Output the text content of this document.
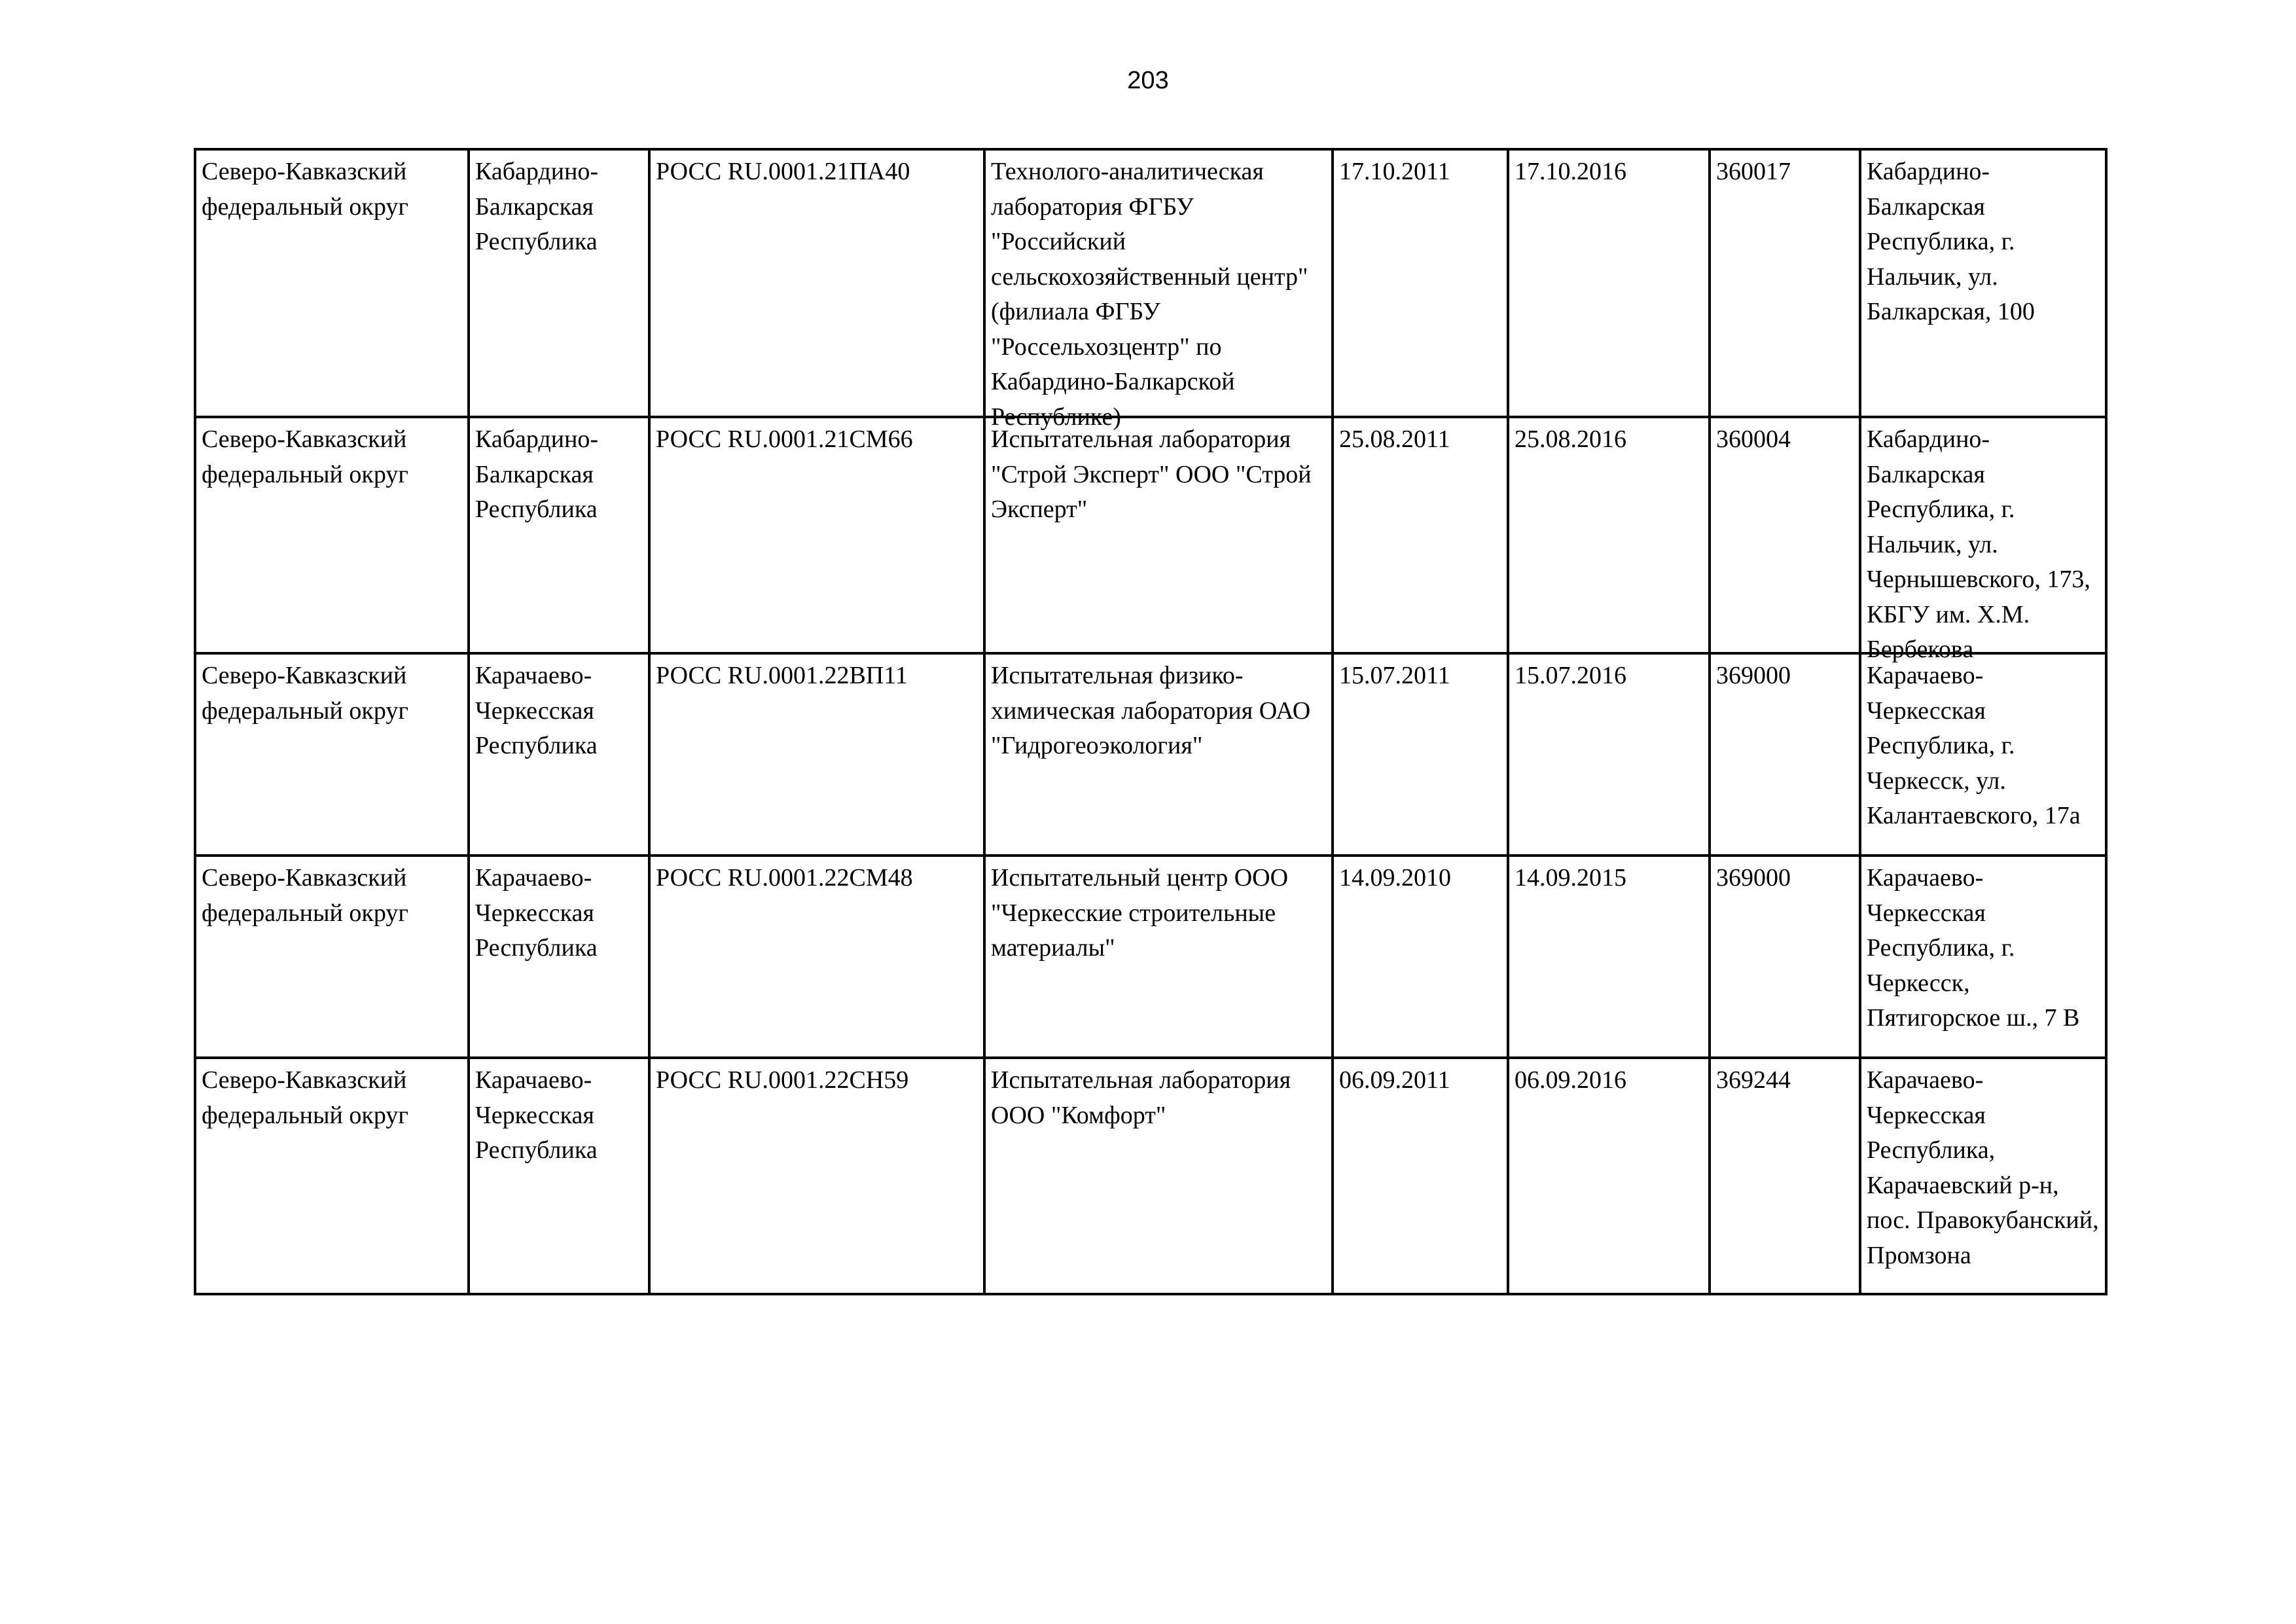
203
Северо-Кавказский федеральный округ	Кабардино-Балкарская Республика	РОСС RU.0001.21ПА40	Технолого-аналитическая лаборатория ФГБУ "Российский сельскохозяйственный центр" (филиала ФГБУ "Россельхозцентр" по Кабардино-Балкарской Республике)	17.10.2011	17.10.2016	360017	Кабардино-Балкарская Республика, г. Нальчик, ул. Балкарская, 100

Северо-Кавказский федеральный округ	Кабардино-Балкарская Республика	РОСС RU.0001.21СМ66	Испытательная лаборатория "Строй Эксперт" ООО "Строй Эксперт"	25.08.2011	25.08.2016	360004	Кабардино-Балкарская Республика, г. Нальчик, ул. Чернышевского, 173, КБГУ им. Х.М. Бербекова

Северо-Кавказский федеральный округ	Карачаево-Черкесская Республика	РОСС RU.0001.22ВП11	Испытательная физико-химическая лаборатория ОАО "Гидрогеоэкология"	15.07.2011	15.07.2016	369000	Карачаево-Черкесская Республика, г. Черкесск, ул. Калантаевского, 17а

Северо-Кавказский федеральный округ	Карачаево-Черкесская Республика	РОСС RU.0001.22СМ48	Испытательный центр ООО "Черкесские строительные материалы"	14.09.2010	14.09.2015	369000	Карачаево-Черкесская Республика, г. Черкесск, Пятигорское ш., 7 В

Северо-Кавказский федеральный округ	Карачаево-Черкесская Республика	РОСС RU.0001.22СН59	Испытательная лаборатория ООО "Комфорт"	06.09.2011	06.09.2016	369244	Карачаево-Черкесская Республика, Карачаевский р-н, пос. Правокубанский, Промзона
